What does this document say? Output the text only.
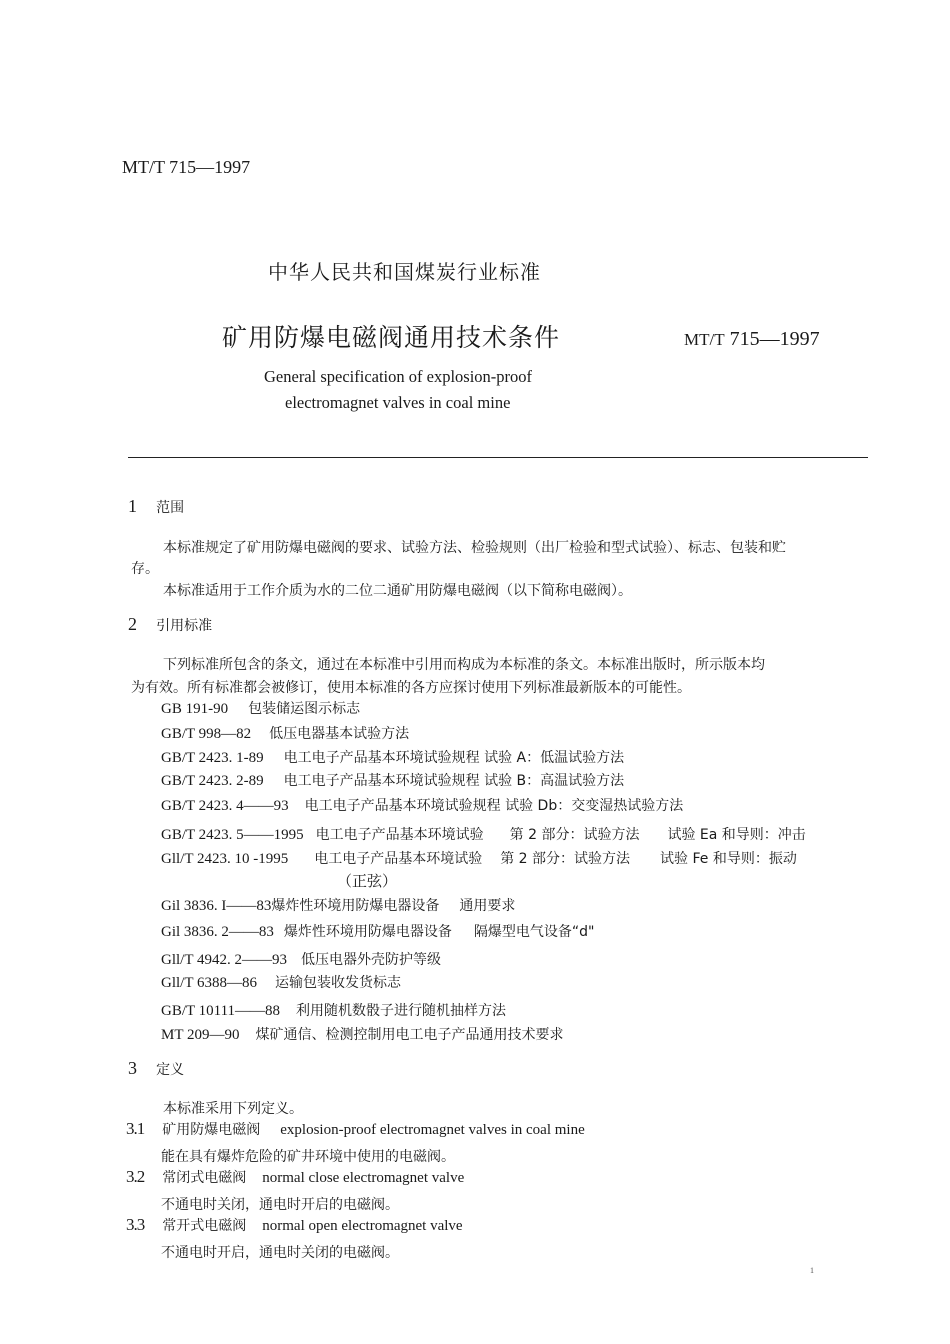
MT/T 715—1997
中华人民共和国煤炭行业标准
矿用防爆电磁阀通用技术条件	MT/T 715—1997
General specification of explosion-proof
electromagnet valves in coal mine
1 范围
本标准规定了矿用防爆电磁阀的要求、试验方法、检验规则（出厂检验和型式试验）、标志、包装和贮
存。
本标准适用于工作介质为水的二位二通矿用防爆电磁阀（以下简称电磁阀）。
2 引用标准
下列标准所包含的条文，通过在本标准中引用而构成为本标准的条文。本标准出版时，所示版本均
为有效。所有标准都会被修订，使用本标准的各方应探讨使用下列标准最新版本的可能性。
GB 191-90 包装储运图示标志
GB/T 998—82 低压电器基本试验方法
GB/T 2423. 1-89 电工电子产品基本环境试验规程 试验 A：低温试验方法
GB/T 2423. 2-89 电工电子产品基本环境试验规程 试验 B：高温试验方法
GB/T 2423. 4——93 电工电子产品基本环境试验规程 试验 Db：交变湿热试验方法
GB/T 2423. 5——1995 电工电子产品基本环境试验 第 2 部分：试验方法 试验 Ea 和导则：冲击
Gll/T 2423. 10 -1995 电工电子产品基本环境试验 第 2 部分：试验方法 试验 Fe 和导则：振动
（正弦）
Gil 3836. I——83爆炸性环境用防爆电器设备 通用要求
Gil 3836. 2——83 爆炸性环境用防爆电器设备 隔爆型电气设备“d"
Gll/T 4942. 2——93 低压电器外壳防护等级
Gll/T 6388—86 运输包装收发货标志
GB/T 10111——88 利用随机数骰子进行随机抽样方法
MT 209—90 煤矿通信、检测控制用电工电子产品通用技术要求
3 定义
本标准采用下列定义。
3.1 矿用防爆电磁阀 explosion-proof electromagnet valves in coal mine
能在具有爆炸危险的矿井环境中使用的电磁阀。
3.2 常闭式电磁阀 normal close electromagnet valve
不通电时关闭，通电时开启的电磁阀。
3.3 常开式电磁阀 normal open electromagnet valve
不通电时开启，通电时关闭的电磁阀。
1
